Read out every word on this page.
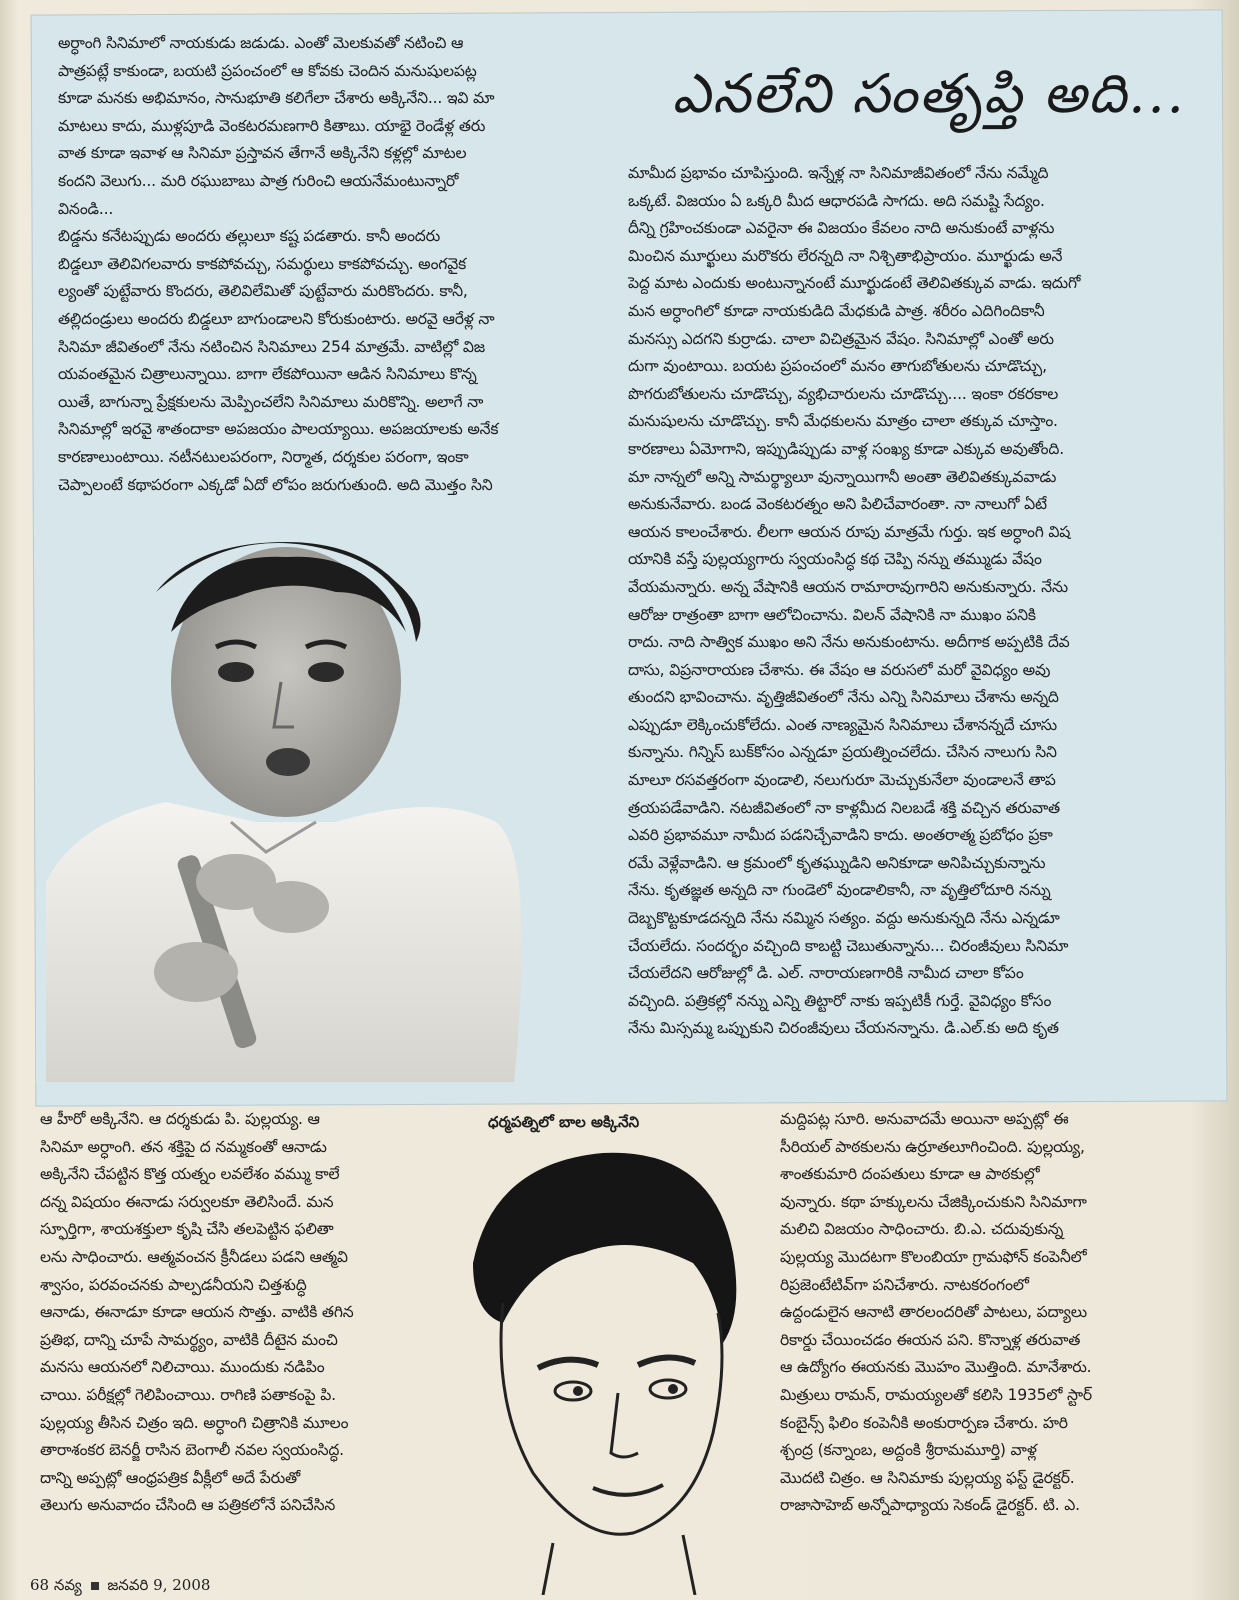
ఎనలేని సంతృప్తి అది...
అర్ధాంగి సినిమాలో నాయకుడు జడుడు. ఎంతో మెలకువతో నటించి ఆ
పాత్రపట్లే కాకుండా, బయటి ప్రపంచంలో ఆ కోవకు చెందిన మనుషులపట్ల
కూడా మనకు అభిమానం, సానుభూతి కలిగేలా చేశారు అక్కినేని... ఇవి మా
మాటలు కాదు, ముళ్లపూడి వెంకటరమణగారి కితాబు. యాభై రెండేళ్ల తరు
వాత కూడా ఇవాళ ఆ సినిమా ప్రస్తావన తేగానే అక్కినేని కళ్లల్లో మాటల
కందని వెలుగు... మరి రఘుబాబు పాత్ర గురించి ఆయనేమంటున్నారో
వినండి...
బిడ్డను కనేటప్పుడు అందరు తల్లులూ కష్ట పడతారు. కానీ అందరు
బిడ్డలూ తెలివిగలవారు కాకపోవచ్చు, సమర్థులు కాకపోవచ్చు. అంగవైక
ల్యంతో పుట్టేవారు కొందరు, తెలివిలేమితో పుట్టేవారు మరికొందరు. కానీ,
తల్లిదండ్రులు అందరు బిడ్డలూ బాగుండాలని కోరుకుంటారు. అరవై ఆరేళ్ల నా
సినిమా జీవితంలో నేను నటించిన సినిమాలు 254 మాత్రమే. వాటిల్లో విజ
యవంతమైన చిత్రాలున్నాయి. బాగా లేకపోయినా ఆడిన సినిమాలు కొన్న
యితే, బాగున్నా ప్రేక్షకులను మెప్పించలేని సినిమాలు మరికొన్ని. అలాగే నా
సినిమాల్లో ఇరవై శాతందాకా అపజయం పాలయ్యాయి. అపజయాలకు అనేక
కారణాలుంటాయి. నటీనటులపరంగా, నిర్మాత, దర్శకుల పరంగా, ఇంకా
చెప్పాలంటే కథాపరంగా ఎక్కడో ఏదో లోపం జరుగుతుంది. అది మొత్తం సిని
మామీద ప్రభావం చూపిస్తుంది. ఇన్నేళ్ల నా సినిమాజీవితంలో నేను నమ్మేది
ఒక్కటే. విజయం ఏ ఒక్కరి మీద ఆధారపడి సాగదు. అది సమష్టి సేద్యం.
దీన్ని గ్రహించకుండా ఎవరైనా ఈ విజయం కేవలం నాది అనుకుంటే వాళ్లను
మించిన మూర్ఖులు మరొకరు లేరన్నది నా నిశ్చితాభిప్రాయం. మూర్ఖుడు అనే
పెద్ద మాట ఎందుకు అంటున్నానంటే మూర్ఖుడంటే తెలివితక్కువ వాడు. ఇదుగో
మన అర్ధాంగిలో కూడా నాయకుడిది మేధకుడి పాత్ర. శరీరం ఎదిగిందికానీ
మనస్సు ఎదగని కుర్రాడు. చాలా విచిత్రమైన వేషం. సినిమాల్లో ఎంతో అరు
దుగా వుంటాయి. బయట ప్రపంచంలో మనం తాగుబోతులను చూడొచ్చు,
పొగరుబోతులను చూడొచ్చు, వ్యభిచారులను చూడొచ్చు.... ఇంకా రకరకాల
మనుషులను చూడొచ్చు. కానీ మేధకులను మాత్రం చాలా తక్కువ చూస్తాం.
కారణాలు ఏమోగాని, ఇప్పుడిప్పుడు వాళ్ల సంఖ్య కూడా ఎక్కువ అవుతోంది.
మా నాన్నలో అన్ని సామర్థ్యాలూ వున్నాయిగానీ అంతా తెలివితక్కువవాడు
అనుకునేవారు. బండ వెంకటరత్నం అని పిలిచేవారంతా. నా నాలుగో ఏటే
ఆయన కాలంచేశారు. లీలగా ఆయన రూపు మాత్రమే గుర్తు. ఇక అర్ధాంగి విష
యానికి వస్తే పుల్లయ్యగారు స్వయంసిద్ధ కథ చెప్పి నన్ను తమ్ముడు వేషం
వేయమన్నారు. అన్న వేషానికి ఆయన రామారావుగారిని అనుకున్నారు. నేను
ఆరోజు రాత్రంతా బాగా ఆలోచించాను. విలన్ వేషానికి నా ముఖం పనికి
రాదు. నాది సాత్విక ముఖం అని నేను అనుకుంటాను. అదీగాక అప్పటికి దేవ
దాసు, విప్రనారాయణ చేశాను. ఈ వేషం ఆ వరుసలో మరో వైవిధ్యం అవు
తుందని భావించాను. వృత్తిజీవితంలో నేను ఎన్ని సినిమాలు చేశాను అన్నది
ఎప్పుడూ లెక్కించుకోలేదు. ఎంత నాణ్యమైన సినిమాలు చేశానన్నదే చూసు
కున్నాను. గిన్నిస్ బుక్‌కోసం ఎన్నడూ ప్రయత్నించలేదు. చేసిన నాలుగు సిని
మాలూ రసవత్తరంగా వుండాలి, నలుగురూ మెచ్చుకునేలా వుండాలనే తాప
త్రయపడేవాడిని. నటజీవితంలో నా కాళ్లమీద నిలబడే శక్తి వచ్చిన తరువాత
ఎవరి ప్రభావమూ నామీద పడనిచ్చేవాడిని కాదు. అంతరాత్మ ప్రబోధం ప్రకా
రమే వెళ్లేవాడిని. ఆ క్రమంలో కృతఘ్నుడిని అనికూడా అనిపిచ్చుకున్నాను
నేను. కృతజ్ఞత అన్నది నా గుండెలో వుండాలికానీ, నా వృత్తిలోదూరి నన్ను
దెబ్బకొట్టకూడదన్నది నేను నమ్మిన సత్యం. వద్దు అనుకున్నది నేను ఎన్నడూ
చేయలేదు. సందర్భం వచ్చింది కాబట్టి చెబుతున్నాను... చిరంజీవులు సినిమా
చేయలేదని ఆరోజుల్లో డి. ఎల్. నారాయణగారికి నామీద చాలా కోపం
వచ్చింది. పత్రికల్లో నన్ను ఎన్ని తిట్టారో నాకు ఇప్పటికీ గుర్తే. వైవిధ్యం కోసం
నేను మిస్సమ్మ ఒప్పుకుని చిరంజీవులు చేయనన్నాను. డి.ఎల్.కు అది కృత
ఆ హీరో అక్కినేని. ఆ దర్శకుడు పి. పుల్లయ్య. ఆ
సినిమా అర్ధాంగి. తన శక్తిపై ద నమ్మకంతో ఆనాడు
అక్కినేని చేపట్టిన కొత్త యత్నం లవలేశం వమ్ము కాలే
దన్న విషయం ఈనాడు సర్వులకూ తెలిసిందే. మన
స్ఫూర్తిగా, శాయశక్తులా కృషి చేసి తలపెట్టిన ఫలితా
లను సాధించారు. ఆత్మవంచన క్రీనీడలు పడని ఆత్మవి
శ్వాసం, పరవంచనకు పాల్పడనీయని చిత్తశుద్ధి
ఆనాడు, ఈనాడూ కూడా ఆయన సొత్తు. వాటికి తగిన
ప్రతిభ, దాన్ని చూపే సామర్థ్యం, వాటికి దీటైన మంచి
మనసు ఆయనలో నిలిచాయి. ముందుకు నడిపిం
చాయి. పరీక్షల్లో గెలిపించాయి. రాగిణి పతాకంపై పి.
పుల్లయ్య తీసిన చిత్రం ఇది. అర్ధాంగి చిత్రానికి మూలం
తారాశంకర బెనర్జీ రాసిన బెంగాలీ నవల స్వయంసిద్ధ.
దాన్ని అప్పట్లో ఆంధ్రపత్రిక వీక్లీలో అదే పేరుతో
తెలుగు అనువాదం చేసింది ఆ పత్రికలోనే పనిచేసిన
ధర్మపత్నిలో బాల అక్కినేని	మద్దిపట్ల సూరి. అనువాదమే అయినా అప్పట్లో ఈ
సీరియల్ పాఠకులను ఉర్రూతలూగించింది. పుల్లయ్య,
శాంతకుమారి దంపతులు కూడా ఆ పాఠకుల్లో
వున్నారు. కథా హక్కులను చేజిక్కించుకుని సినిమాగా
మలిచి విజయం సాధించారు. బి.ఎ. చదువుకున్న
పుల్లయ్య మొదటగా కొలంబియా గ్రామఫోన్ కంపెనీలో
రిప్రజెంటేటివ్‌గా పనిచేశారు. నాటకరంగంలో
ఉద్దండులైన ఆనాటి తారలందరితో పాటలు, పద్యాలు
రికార్డు చేయించడం ఈయన పని. కొన్నాళ్ల తరువాత
ఆ ఉద్యోగం ఈయనకు మొహం మొత్తింది. మానేశారు.
మిత్రులు రామన్, రామయ్యలతో కలిసి 1935లో స్టార్
కంబైన్స్ ఫిలిం కంపెనీకి అంకురార్పణ చేశారు. హరి
శ్చంద్ర (కన్నాంబ, అద్దంకి శ్రీరామమూర్తి) వాళ్ల
మొదటి చిత్రం. ఆ సినిమాకు పుల్లయ్య ఫస్ట్ డైరక్టర్.
రాజాసాహెబ్ అన్నోపాధ్యాయ సెకండ్ డైరక్టర్. టి. ఎ.
68 నవ్య జనవరి 9, 2008
